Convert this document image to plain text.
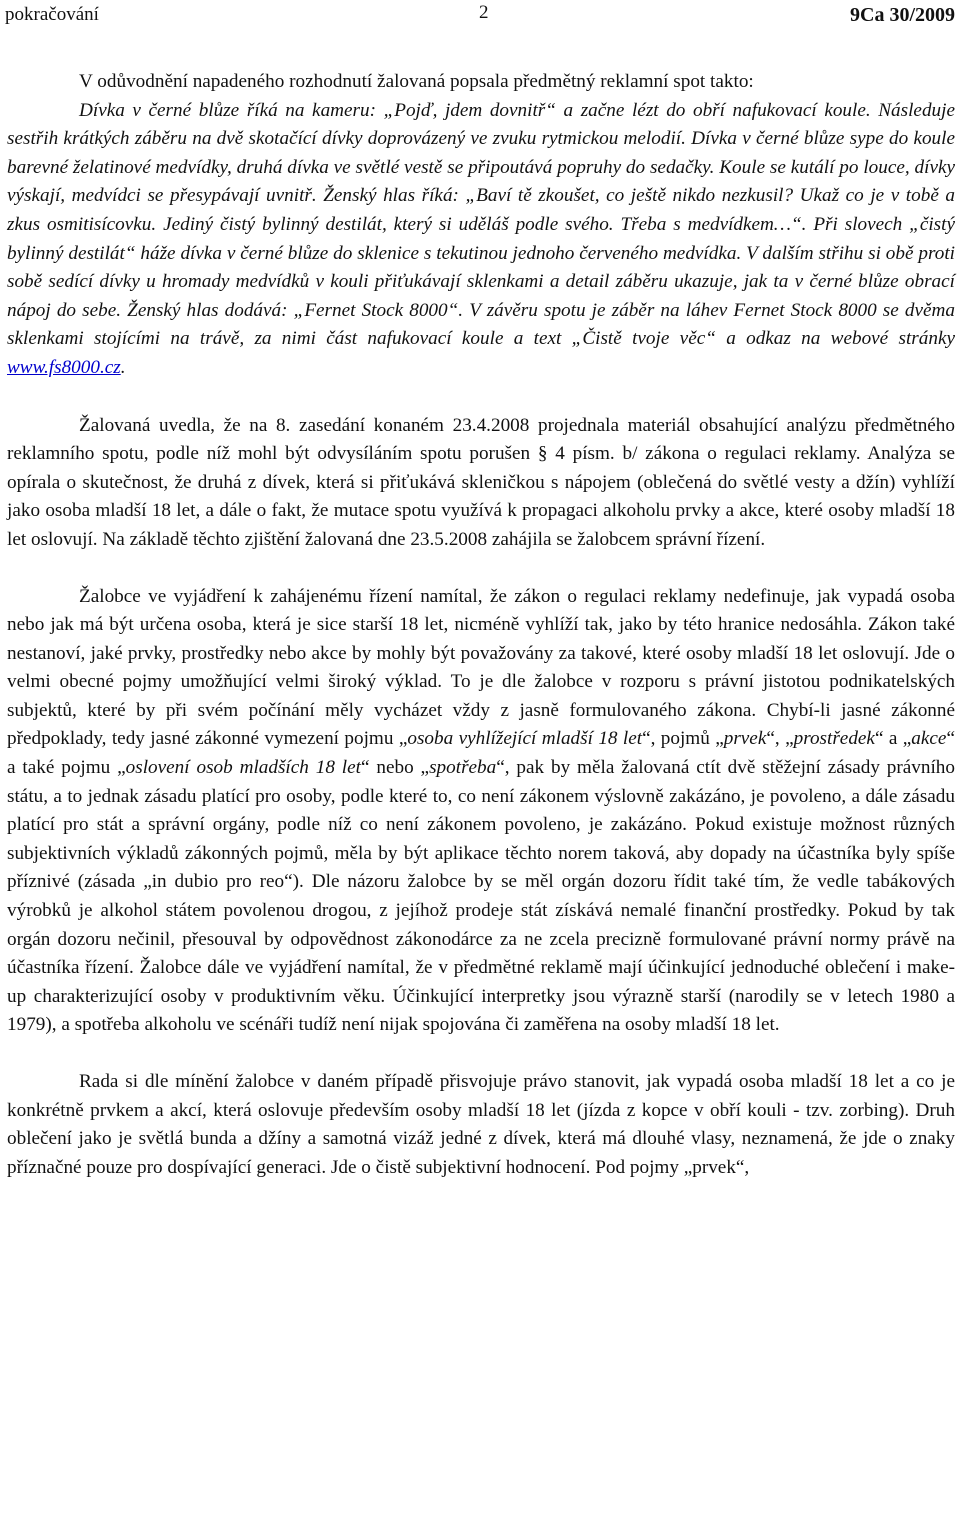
pokračování	2	9Ca 30/2009

V odůvodnění napadeného rozhodnutí žalovaná popsala předmětný reklamní spot takto:

Dívka v černé blůze říká na kameru: „Pojď, jdem dovnitř“ a začne lézt do obří nafukovací koule. Následuje sestřih krátkých záběru na dvě skotačící dívky doprovázený ve zvuku rytmickou melodií. Dívka v černé blůze sype do koule barevné želatinové medvídky, druhá dívka ve světlé vestě se připoutává popruhy do sedačky. Koule se kutálí po louce, dívky výskají, medvídci se přesypávají uvnitř. Ženský hlas říká: „Baví tě zkoušet, co ještě nikdo nezkusil? Ukaž co je v tobě a zkus osmitisícovku. Jediný čistý bylinný destilát, který si uděláš podle svého. Třeba s medvídkem…“. Při slovech „čistý bylinný destilát“ háže dívka v černé blůze do sklenice s tekutinou jednoho červeného medvídka. V dalším střihu si obě proti sobě sedící dívky u hromady medvídků v kouli přiťukávají sklenkami a detail záběru ukazuje, jak ta v černé blůze obrací nápoj do sebe. Ženský hlas dodává: „Fernet Stock 8000“. V závěru spotu je záběr na láhev Fernet Stock 8000 se dvěma sklenkami stojícími na trávě, za nimi část nafukovací koule a text „Čistě tvoje věc“ a odkaz na webové stránky www.fs8000.cz.

Žalovaná uvedla, že na 8. zasedání konaném 23.4.2008 projednala materiál obsahující analýzu předmětného reklamního spotu, podle níž mohl být odvysíláním spotu porušen § 4 písm. b/ zákona o regulaci reklamy. Analýza se opírala o skutečnost, že druhá z dívek, která si přiťukává skleničkou s nápojem (oblečená do světlé vesty a džín) vyhlíží jako osoba mladší 18 let, a dále o fakt, že mutace spotu využívá k propagaci alkoholu prvky a akce, které osoby mladší 18 let oslovují. Na základě těchto zjištění žalovaná dne 23.5.2008 zahájila se žalobcem správní řízení.

Žalobce ve vyjádření k zahájenému řízení namítal, že zákon o regulaci reklamy nedefinuje, jak vypadá osoba nebo jak má být určena osoba, která je sice starší 18 let, nicméně vyhlíží tak, jako by této hranice nedosáhla. Zákon také nestanoví, jaké prvky, prostředky nebo akce by mohly být považovány za takové, které osoby mladší 18 let oslovují. Jde o velmi obecné pojmy umožňující velmi široký výklad. To je dle žalobce v rozporu s právní jistotou podnikatelských subjektů, které by při svém počínání měly vycházet vždy z jasně formulovaného zákona. Chybí-li jasné zákonné předpoklady, tedy jasné zákonné vymezení pojmu „osoba vyhlížející mladší 18 let“, pojmů „prvek“, „prostředek“ a „akce“ a také pojmu „oslovení osob mladších 18 let“ nebo „spotřeba“, pak by měla žalovaná ctít dvě stěžejní zásady právního státu, a to jednak zásadu platící pro osoby, podle které to, co není zákonem výslovně zakázáno, je povoleno, a dále zásadu platící pro stát a správní orgány, podle níž co není zákonem povoleno, je zakázáno. Pokud existuje možnost různých subjektivních výkladů zákonných pojmů, měla by být aplikace těchto norem taková, aby dopady na účastníka byly spíše příznivé (zásada „in dubio pro reo“). Dle názoru žalobce by se měl orgán dozoru řídit také tím, že vedle tabákových výrobků je alkohol státem povolenou drogou, z jejíhož prodeje stát získává nemalé finanční prostředky. Pokud by tak orgán dozoru nečinil, přesouval by odpovědnost zákonodárce za ne zcela precizně formulované právní normy právě na účastníka řízení. Žalobce dále ve vyjádření namítal, že v předmětné reklamě mají účinkující jednoduché oblečení i make-up charakterizující osoby v produktivním věku. Účinkující interpretky jsou výrazně starší (narodily se v letech 1980 a 1979), a spotřeba alkoholu ve scénáři tudíž není nijak spojována či zaměřena na osoby mladší 18 let.

Rada si dle mínění žalobce v daném případě přisvojuje právo stanovit, jak vypadá osoba mladší 18 let a co je konkrétně prvkem a akcí, která oslovuje především osoby mladší 18 let (jízda z kopce v obří kouli - tzv. zorbing). Druh oblečení jako je světlá bunda a džíny a samotná vizáž jedné z dívek, která má dlouhé vlasy, neznamená, že jde o znaky příznačné pouze pro dospívající generaci. Jde o čistě subjektivní hodnocení. Pod pojmy „prvek“,
